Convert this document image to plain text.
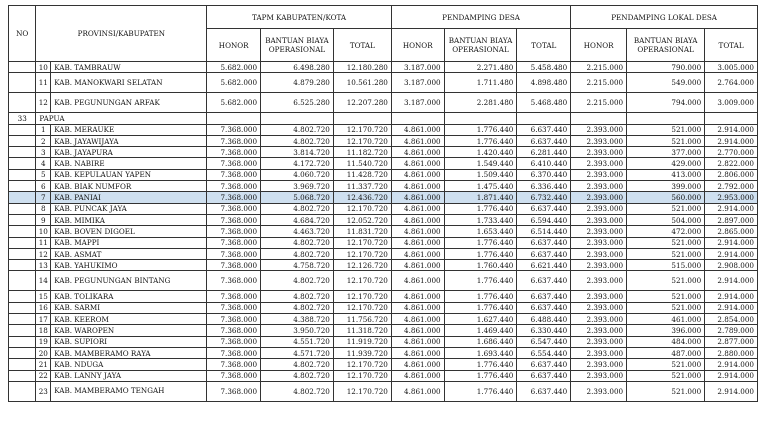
NO	PROVINSI/KABUPATEN		TAPM KABUPATEN/KOTA			PENDAMPING DESA			PENDAMPING LOKAL DESA		
			HONOR	BANTUAN BIAYA OPERASIONAL	TOTAL	HONOR	BANTUAN BIAYA OPERASIONAL	TOTAL	HONOR	BANTUAN BIAYA OPERASIONAL	TOTAL
	10	KAB. TAMBRAUW	5.682.000	6.498.280	12.180.280	3.187.000	2.271.480	5.458.480	2.215.000	790.000	3.005.000
	11	KAB. MANOKWARI SELATAN	5.682.000	4.879.280	10.561.280	3.187.000	1.711.480	4.898.480	2.215.000	549.000	2.764.000
	12	KAB. PEGUNUNGAN ARFAK	5.682.000	6.525.280	12.207.280	3.187.000	2.281.480	5.468.480	2.215.000	794.000	3.009.000
33	PAPUA										
	1	KAB. MERAUKE	7.368.000	4.802.720	12.170.720	4.861.000	1.776.440	6.637.440	2.393.000	521.000	2.914.000
	2	KAB. JAYAWIJAYA	7.368.000	4.802.720	12.170.720	4.861.000	1.776.440	6.637.440	2.393.000	521.000	2.914.000
	3	KAB. JAYAPURA	7.368.000	3.814.720	11.182.720	4.861.000	1.420.440	6.281.440	2.393.000	377.000	2.770.000
	4	KAB. NABIRE	7.368.000	4.172.720	11.540.720	4.861.000	1.549.440	6.410.440	2.393.000	429.000	2.822.000
	5	KAB. KEPULAUAN YAPEN	7.368.000	4.060.720	11.428.720	4.861.000	1.509.440	6.370.440	2.393.000	413.000	2.806.000
	6	KAB. BIAK NUMFOR	7.368.000	3.969.720	11.337.720	4.861.000	1.475.440	6.336.440	2.393.000	399.000	2.792.000
	7	KAB. PANIAI	7.368.000	5.068.720	12.436.720	4.861.000	1.871.440	6.732.440	2.393.000	560.000	2.953.000
	8	KAB. PUNCAK JAYA	7.368.000	4.802.720	12.170.720	4.861.000	1.776.440	6.637.440	2.393.000	521.000	2.914.000
	9	KAB. MIMIKA	7.368.000	4.684.720	12.052.720	4.861.000	1.733.440	6.594.440	2.393.000	504.000	2.897.000
	10	KAB. BOVEN DIGOEL	7.368.000	4.463.720	11.831.720	4.861.000	1.653.440	6.514.440	2.393.000	472.000	2.865.000
	11	KAB. MAPPI	7.368.000	4.802.720	12.170.720	4.861.000	1.776.440	6.637.440	2.393.000	521.000	2.914.000
	12	KAB. ASMAT	7.368.000	4.802.720	12.170.720	4.861.000	1.776.440	6.637.440	2.393.000	521.000	2.914.000
	13	KAB. YAHUKIMO	7.368.000	4.758.720	12.126.720	4.861.000	1.760.440	6.621.440	2.393.000	515.000	2.908.000
	14	KAB. PEGUNUNGAN BINTANG	7.368.000	4.802.720	12.170.720	4.861.000	1.776.440	6.637.440	2.393.000	521.000	2.914.000
	15	KAB. TOLIKARA	7.368.000	4.802.720	12.170.720	4.861.000	1.776.440	6.637.440	2.393.000	521.000	2.914.000
	16	KAB. SARMI	7.368.000	4.802.720	12.170.720	4.861.000	1.776.440	6.637.440	2.393.000	521.000	2.914.000
	17	KAB. KEEROM	7.368.000	4.388.720	11.756.720	4.861.000	1.627.440	6.488.440	2.393.000	461.000	2.854.000
	18	KAB. WAROPEN	7.368.000	3.950.720	11.318.720	4.861.000	1.469.440	6.330.440	2.393.000	396.000	2.789.000
	19	KAB. SUPIORI	7.368.000	4.551.720	11.919.720	4.861.000	1.686.440	6.547.440	2.393.000	484.000	2.877.000
	20	KAB. MAMBERAMO RAYA	7.368.000	4.571.720	11.939.720	4.861.000	1.693.440	6.554.440	2.393.000	487.000	2.880.000
	21	KAB. NDUGA	7.368.000	4.802.720	12.170.720	4.861.000	1.776.440	6.637.440	2.393.000	521.000	2.914.000
	22	KAB. LANNY JAYA	7.368.000	4.802.720	12.170.720	4.861.000	1.776.440	6.637.440	2.393.000	521.000	2.914.000
	23	KAB. MAMBERAMO TENGAH	7.368.000	4.802.720	12.170.720	4.861.000	1.776.440	6.637.440	2.393.000	521.000	2.914.000
